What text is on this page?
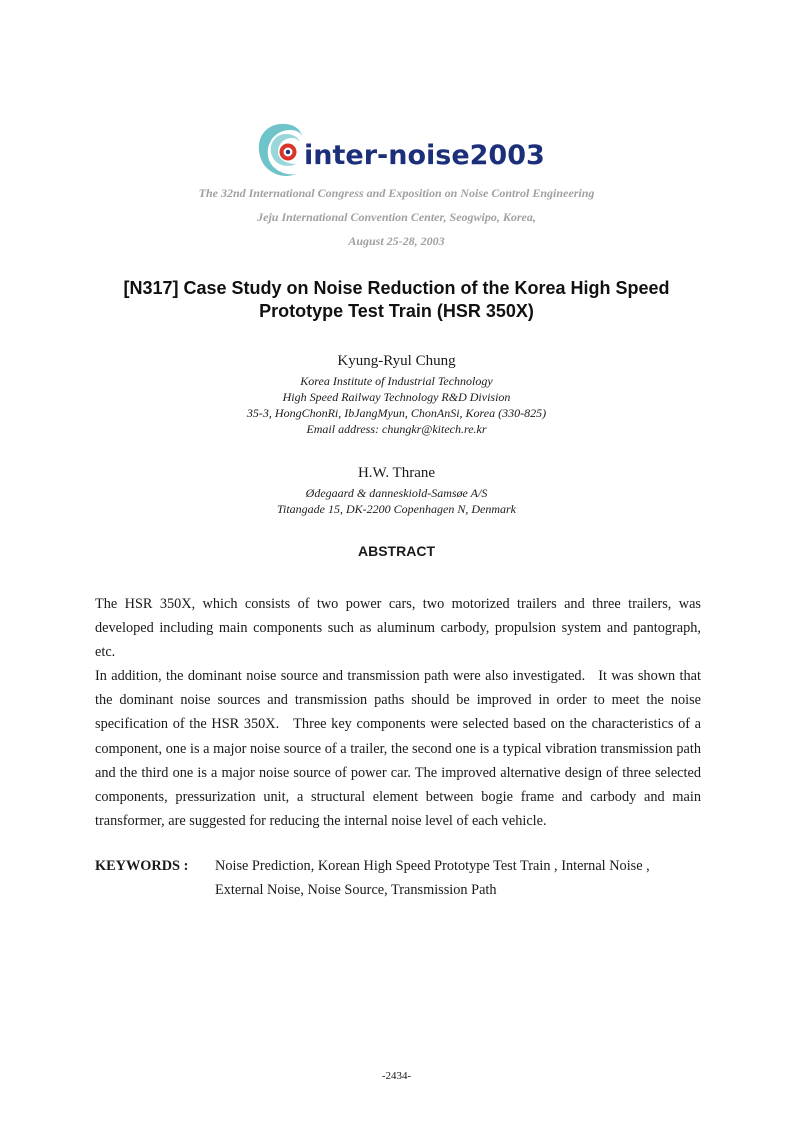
inter-noise2003
The 32nd International Congress and Exposition on Noise Control Engineering
Jeju International Convention Center, Seogwipo, Korea,
August 25-28, 2003
[N317] Case Study on Noise Reduction of the Korea High Speed
Prototype Test Train (HSR 350X)
Kyung-Ryul Chung
Korea Institute of Industrial Technology
High Speed Railway Technology R&D Division
35-3, HongChonRi, IbJangMyun, ChonAnSi, Korea (330-825)
Email address: chungkr@kitech.re.kr
H.W. Thrane
Ødegaard & danneskiold-Samsøe A/S
Titangade 15, DK-2200 Copenhagen N, Denmark
ABSTRACT

The HSR 350X, which consists of two power cars, two motorized trailers and three trailers, was developed including main components such as aluminum carbody, propulsion system and pantograph, etc.

In addition, the dominant noise source and transmission path were also investigated.   It was shown that the dominant noise sources and transmission paths should be improved in order to meet the noise specification of the HSR 350X.   Three key components were selected based on the characteristics of a component, one is a major noise source of a trailer, the second one is a typical vibration transmission path and the third one is a major noise source of power car. The improved alternative design of three selected components, pressurization unit, a structural element between bogie frame and carbody and main transformer, are suggested for reducing the internal noise level of each vehicle.

KEYWORDS : Noise Prediction, Korean High Speed Prototype Test Train , Internal Noise ,
External Noise, Noise Source, Transmission Path
-2434-
